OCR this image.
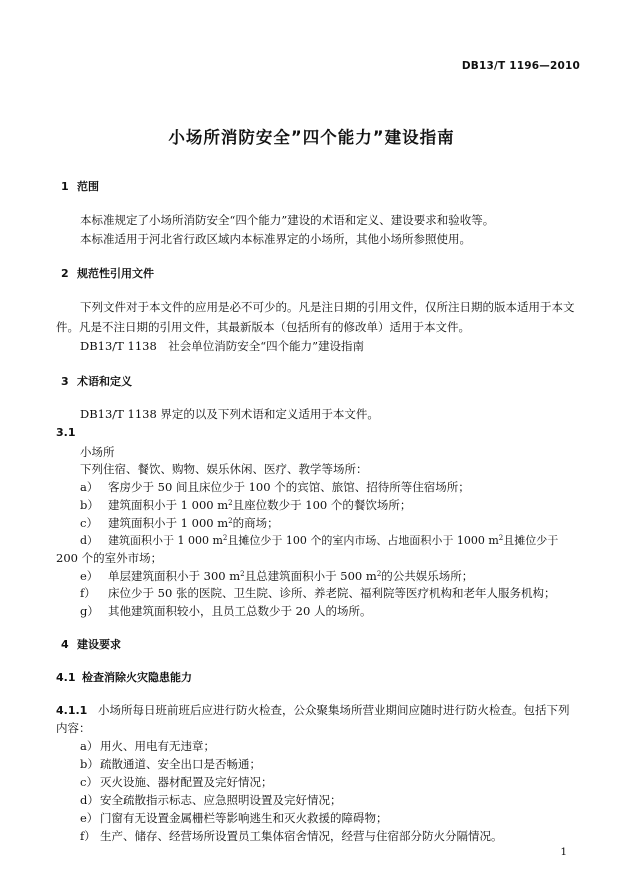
DB13/T 1196—2010
小场所消防安全”四个能力”建设指南
1 范围
本标准规定了小场所消防安全“四个能力”建设的术语和定义、建设要求和验收等。
本标准适用于河北省行政区域内本标准界定的小场所，其他小场所参照使用。
2 规范性引用文件
下列文件对于本文件的应用是必不可少的。凡是注日期的引用文件，仅所注日期的版本适用于本文
件。凡是不注日期的引用文件，其最新版本（包括所有的修改单）适用于本文件。
DB13/T 1138　社会单位消防安全“四个能力”建设指南
3 术语和定义
DB13/T 1138 界定的以及下列术语和定义适用于本文件。
3.1
小场所
下列住宿、餐饮、购物、娱乐休闲、医疗、教学等场所：
a） 客房少于 50 间且床位少于 100 个的宾馆、旅馆、招待所等住宿场所；
b） 建筑面积小于 1 000 $m^2$且座位数少于 100 个的餐饮场所；
c） 建筑面积小于 1 000 $m^2$的商场；
d） 建筑面积小于 1 000 $m^2$且摊位少于 100 个的室内市场、占地面积小于 1000 $m^2$且摊位少于
200 个的室外市场；
e） 单层建筑面积小于 300 $m^2$且总建筑面积小于 500 $m^2$的公共娱乐场所；
f） 床位少于 50 张的医院、卫生院、诊所、养老院、福利院等医疗机构和老年人服务机构；
g） 其他建筑面积较小，且员工总数少于 20 人的场所。
4 建设要求
4.1 检查消除火灾隐患能力
4.1.1 小场所每日班前班后应进行防火检查，公众聚集场所营业期间应随时进行防火检查。包括下列
内容：
a） 用火、用电有无违章；
b）疏散通道、安全出口是否畅通；
c） 灭火设施、器材配置及完好情况；
d）安全疏散指示标志、应急照明设置及完好情况；
e） 门窗有无设置金属栅栏等影响逃生和灭火救援的障碍物；
f） 生产、储存、经营场所设置员工集体宿舍情况，经营与住宿部分防火分隔情况。
1
